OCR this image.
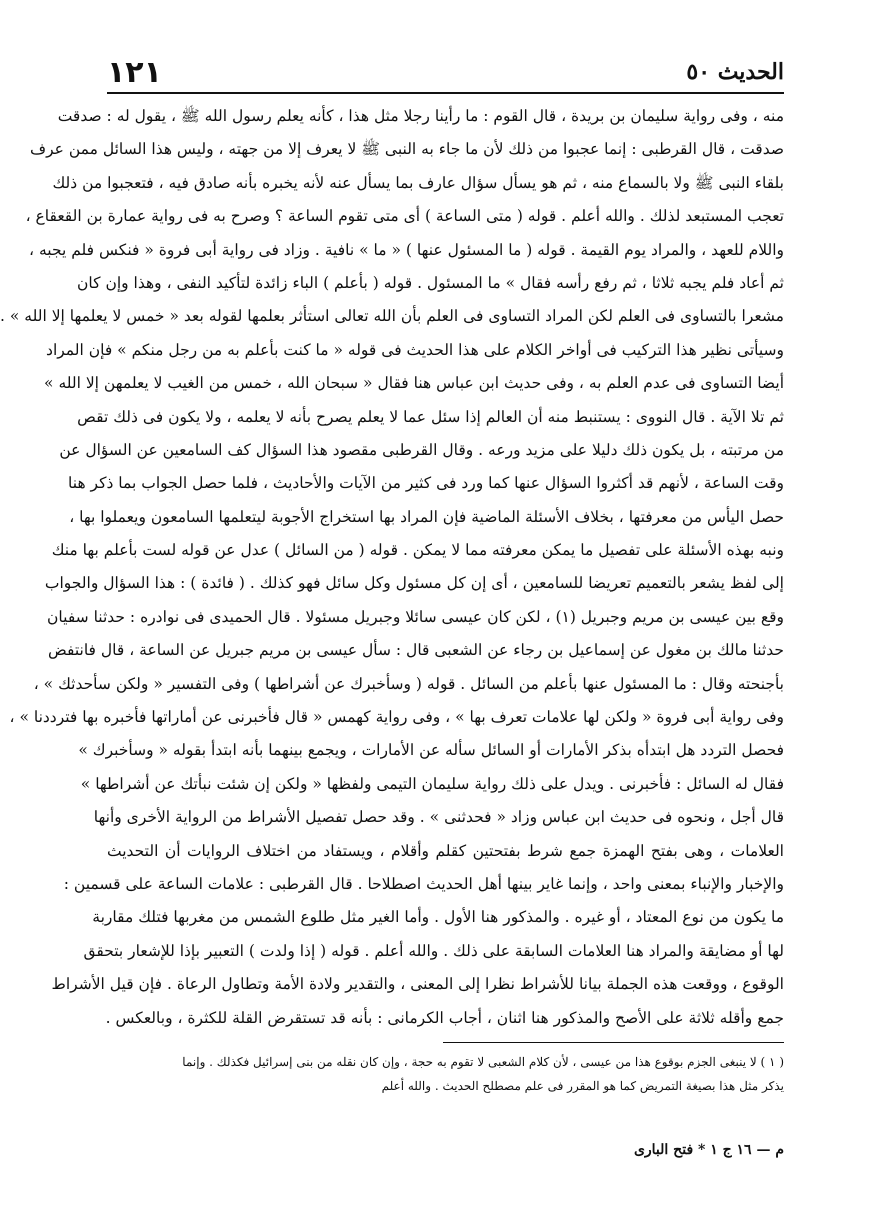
الحديث ٥٠
١٢١
منه ، وفى رواية سليمان بن بريدة ، قال القوم : ما رأينا رجلا مثل هذا ، كأنه يعلم رسول الله ﷺ ، يقول له : صدقت
صدقت ، قال القرطبى : إنما عجبوا من ذلك لأن ما جاء به النبى ﷺ لا يعرف إلا من جهته ، وليس هذا السائل ممن عرف
بلقاء النبى ﷺ ولا بالسماع منه ، ثم هو يسأل سؤال عارف بما يسأل عنه لأنه يخبره بأنه صادق فيه ، فتعجبوا من ذلك
تعجب المستبعد لذلك . والله أعلم . قوله ( متى الساعة ) أى متى تقوم الساعة ؟ وصرح به فى رواية عمارة بن القعقاع ،
واللام للعهد ، والمراد يوم القيمة . قوله ( ما المسئول عنها ) « ما » نافية . وزاد فى رواية أبى فروة « فنكس فلم يجبه ،
ثم أعاد فلم يجبه ثلاثا ، ثم رفع رأسه فقال » ما المسئول . قوله ( بأعلم ) الباء زائدة لتأكيد النفى ، وهذا وإن كان
مشعرا بالتساوى فى العلم لكن المراد التساوى فى العلم بأن الله تعالى استأثر بعلمها لقوله بعد « خمس لا يعلمها إلا الله » .
وسيأتى نظير هذا التركيب فى أواخر الكلام على هذا الحديث فى قوله « ما كنت بأعلم به من رجل منكم » فإن المراد
أيضا التساوى فى عدم العلم به ، وفى حديث ابن عباس هنا فقال « سبحان الله ، خمس من الغيب لا يعلمهن إلا الله »
ثم تلا الآية . قال النووى : يستنبط منه أن العالم إذا سئل عما لا يعلم يصرح بأنه لا يعلمه ، ولا يكون فى ذلك تقص
من مرتبته ، بل يكون ذلك دليلا على مزيد ورعه . وقال القرطبى مقصود هذا السؤال كف السامعين عن السؤال عن
وقت الساعة ، لأنهم قد أكثروا السؤال عنها كما ورد فى كثير من الآيات والأحاديث ، فلما حصل الجواب بما ذكر هنا
حصل اليأس من معرفتها ، بخلاف الأسئلة الماضية فإن المراد بها استخراج الأجوبة ليتعلمها السامعون ويعملوا بها ،
ونبه بهذه الأسئلة على تفصيل ما يمكن معرفته مما لا يمكن . قوله ( من السائل ) عدل عن قوله لست بأعلم بها منك
إلى لفظ يشعر بالتعميم تعريضا للسامعين ، أى إن كل مسئول وكل سائل فهو كذلك . ( فائدة ) : هذا السؤال والجواب
وقع بين عيسى بن مريم وجبريل (١) ، لكن كان عيسى سائلا وجبريل مسئولا . قال الحميدى فى نوادره : حدثنا سفيان
حدثنا مالك بن مغول عن إسماعيل بن رجاء عن الشعبى قال : سأل عيسى بن مريم جبريل عن الساعة ، قال فانتفض
بأجنحته وقال : ما المسئول عنها بأعلم من السائل . قوله ( وسأخبرك عن أشراطها ) وفى التفسير « ولكن سأحدثك » ،
وفى رواية أبى فروة « ولكن لها علامات تعرف بها » ، وفى رواية كهمس « قال فأخبرنى عن أماراتها فأخبره بها فترددنا » ،
فحصل التردد هل ابتدأه بذكر الأمارات أو السائل سأله عن الأمارات ، ويجمع بينهما بأنه ابتدأ بقوله « وسأخبرك »
فقال له السائل : فأخبرنى . ويدل على ذلك رواية سليمان التيمى ولفظها « ولكن إن شئت نبأتك عن أشراطها »
قال أجل ، ونحوه فى حديث ابن عباس وزاد « فحدثنى » . وقد حصل تفصيل الأشراط من الرواية الأخرى وأنها
العلامات ، وهى بفتح الهمزة جمع شرط بفتحتين كقلم وأقلام ، ويستفاد من اختلاف الروايات أن التحديث
والإخبار والإنباء بمعنى واحد ، وإنما غاير بينها أهل الحديث اصطلاحا . قال القرطبى : علامات الساعة على قسمين :
ما يكون من نوع المعتاد ، أو غيره . والمذكور هنا الأول . وأما الغير مثل طلوع الشمس من مغربها فتلك مقاربة
لها أو مضايقة والمراد هنا العلامات السابقة على ذلك . والله أعلم . قوله ( إذا ولدت ) التعبير بإذا للإشعار بتحقق
الوقوع ، ووقعت هذه الجملة بيانا للأشراط نظرا إلى المعنى ، والتقدير ولادة الأمة وتطاول الرعاة . فإن قيل الأشراط
جمع وأقله ثلاثة على الأصح والمذكور هنا اثنان ، أجاب الكرمانى : بأنه قد تستقرض القلة للكثرة ، وبالعكس .
( ١ ) لا ينبغى الجزم بوقوع هذا من عيسى ، لأن كلام الشعبى لا تقوم به حجة ، وإن كان نقله من بنى إسرائيل فكذلك . وإنما
يذكر مثل هذا بصيغة التمريض كما هو المقرر فى علم مصطلح الحديث . والله أعلم
م — ١٦ ج ١ * فتح البارى
